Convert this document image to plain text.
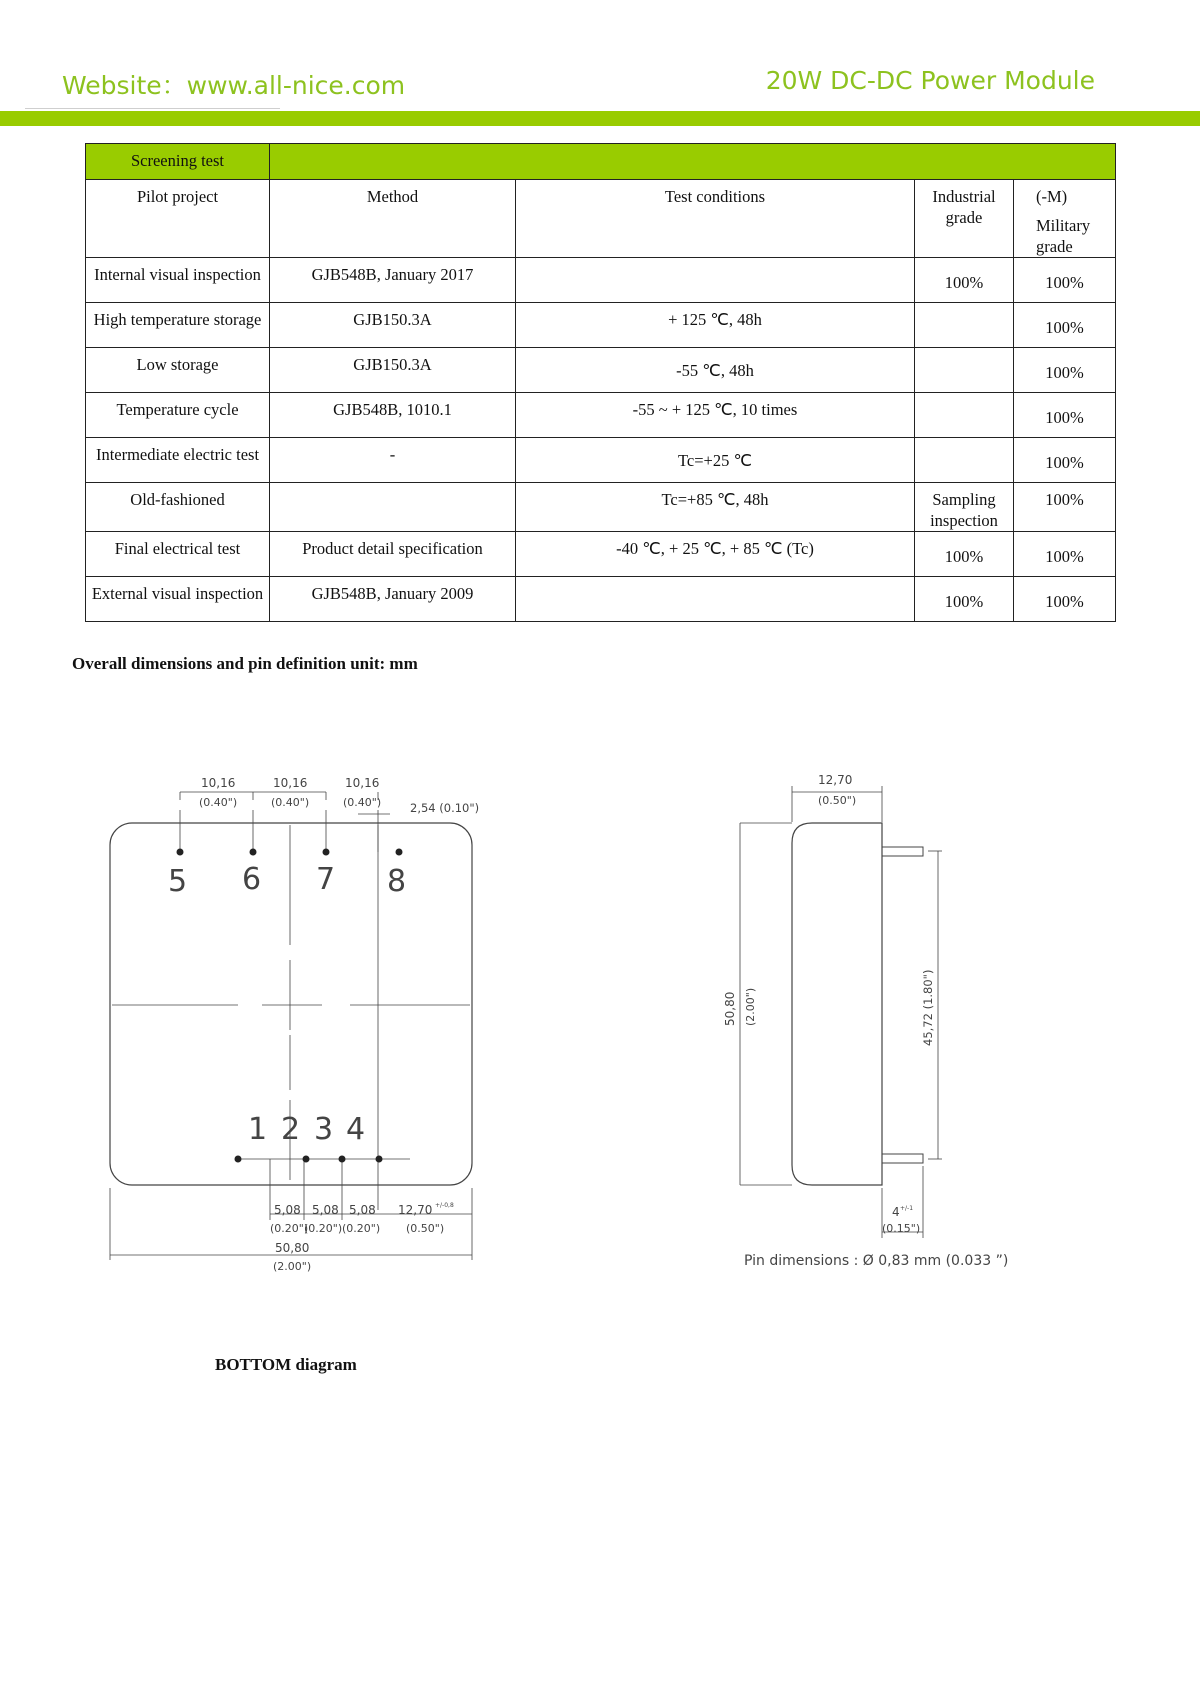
Website：www.all-nice.com	20W DC-DC Power Module
Screening test				
Pilot project	Method	Test conditions	Industrial grade	(-M)
Military grade

Internal visual inspection	GJB548B, January 2017		100%	100%
High temperature storage	GJB150.3A	+ 125 ℃, 48h		100%
Low storage	GJB150.3A	-55 ℃, 48h		100%
Temperature cycle	GJB548B, 1010.1	-55 ~ + 125 ℃, 10 times		100%
Intermediate electric test	-	Tc=+25 ℃		100%
Old-fashioned		Tc=+85 ℃, 48h	Sampling inspection	100%
Final electrical test	Product detail specification	-40 ℃, + 25 ℃, + 85 ℃ (Tc)	100%	100%
External visual inspection	GJB548B, January 2009		100%	100%
Overall dimensions and pin definition unit: mm
5 6 7 8
1 2 3 4
10,16	10,16	10,16
(0.40")	(0.40")	(0.40")	2,54 (0.10")
5,08 5,08 5,08
(0.20")
(0.20") (0.20")
12,70 +/-0,8
(0.50")
50,80
(2.00")
12,70
(0.50")
50,80 (2.00")	45,72 (1.80")
4 +/-1
(0.15")
Pin dimensions : Ø 0,83 mm (0.033 ”)
BOTTOM diagram
